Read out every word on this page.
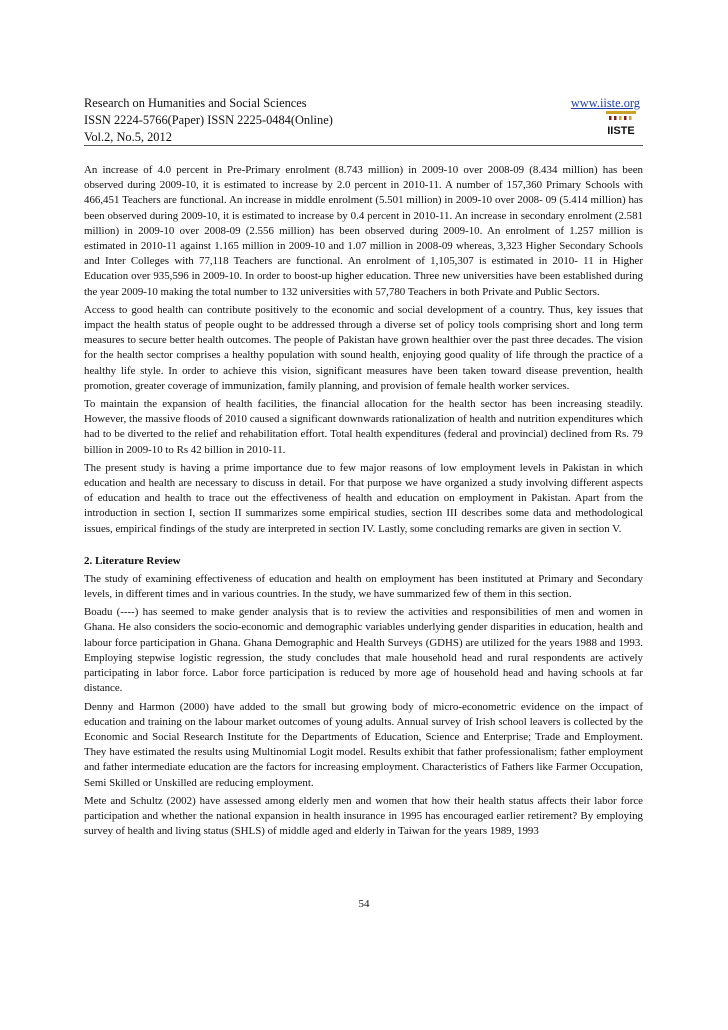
Research on Humanities and Social Sciences
ISSN 2224-5766(Paper) ISSN 2225-0484(Online)
Vol.2, No.5, 2012
www.iiste.org
IISTE

An increase of 4.0 percent in Pre-Primary enrolment (8.743 million) in 2009-10 over 2008-09 (8.434 million) has been observed during 2009-10, it is estimated to increase by 2.0 percent in 2010-11. A number of 157,360 Primary Schools with 466,451 Teachers are functional. An increase in middle enrolment (5.501 million) in 2009-10 over 2008- 09 (5.414 million) has been observed during 2009-10, it is estimated to increase by 0.4 percent in 2010-11. An increase in secondary enrolment (2.581 million) in 2009-10 over 2008-09 (2.556 million) has been observed during 2009-10. An enrolment of 1.257 million is estimated in 2010-11 against 1.165 million in 2009-10 and 1.07 million in 2008-09 whereas, 3,323 Higher Secondary Schools and Inter Colleges with 77,118 Teachers are functional. An enrolment of 1,105,307 is estimated in 2010- 11 in Higher Education over 935,596 in 2009-10. In order to boost-up higher education. Three new universities have been established during the year 2009-10 making the total number to 132 universities with 57,780 Teachers in both Private and Public Sectors.

Access to good health can contribute positively to the economic and social development of a country. Thus, key issues that impact the health status of people ought to be addressed through a diverse set of policy tools comprising short and long term measures to secure better health outcomes. The people of Pakistan have grown healthier over the past three decades. The vision for the health sector comprises a healthy population with sound health, enjoying good quality of life through the practice of a healthy life style. In order to achieve this vision, significant measures have been taken toward disease prevention, health promotion, greater coverage of immunization, family planning, and provision of female health worker services.

To maintain the expansion of health facilities, the financial allocation for the health sector has been increasing steadily. However, the massive floods of 2010 caused a significant downwards rationalization of health and nutrition expenditures which had to be diverted to the relief and rehabilitation effort. Total health expenditures (federal and provincial) declined from Rs. 79 billion in 2009-10 to Rs 42 billion in 2010-11.

The present study is having a prime importance due to few major reasons of low employment levels in Pakistan in which education and health are necessary to discuss in detail. For that purpose we have organized a study involving different aspects of education and health to trace out the effectiveness of health and education on employment in Pakistan. Apart from the introduction in section I, section II summarizes some empirical studies, section III describes some data and methodological issues, empirical findings of the study are interpreted in section IV. Lastly, some concluding remarks are given in section V.

2. Literature Review

The study of examining effectiveness of education and health on employment has been instituted at Primary and Secondary levels, in different times and in various countries. In the study, we have summarized few of them in this section.

Boadu (----) has seemed to make gender analysis that is to review the activities and responsibilities of men and women in Ghana. He also considers the socio-economic and demographic variables underlying gender disparities in education, health and labour force participation in Ghana. Ghana Demographic and Health Surveys (GDHS) are utilized for the years 1988 and 1993. Employing stepwise logistic regression, the study concludes that male household head and rural respondents are actively participating in labor force. Labor force participation is reduced by more age of household head and having schools at far distance.

Denny and Harmon (2000) have added to the small but growing body of micro-econometric evidence on the impact of education and training on the labour market outcomes of young adults. Annual survey of Irish school leavers is collected by the Economic and Social Research Institute for the Departments of Education, Science and Enterprise; Trade and Employment. They have estimated the results using Multinomial Logit model. Results exhibit that father professionalism; father employment and father intermediate education are the factors for increasing employment. Characteristics of Fathers like Farmer Occupation, Semi Skilled or Unskilled are reducing employment.

Mete and Schultz (2002) have assessed among elderly men and women that how their health status affects their labor force participation and whether the national expansion in health insurance in 1995 has encouraged earlier retirement? By employing survey of health and living status (SHLS) of middle aged and elderly in Taiwan for the years 1989, 1993

54
